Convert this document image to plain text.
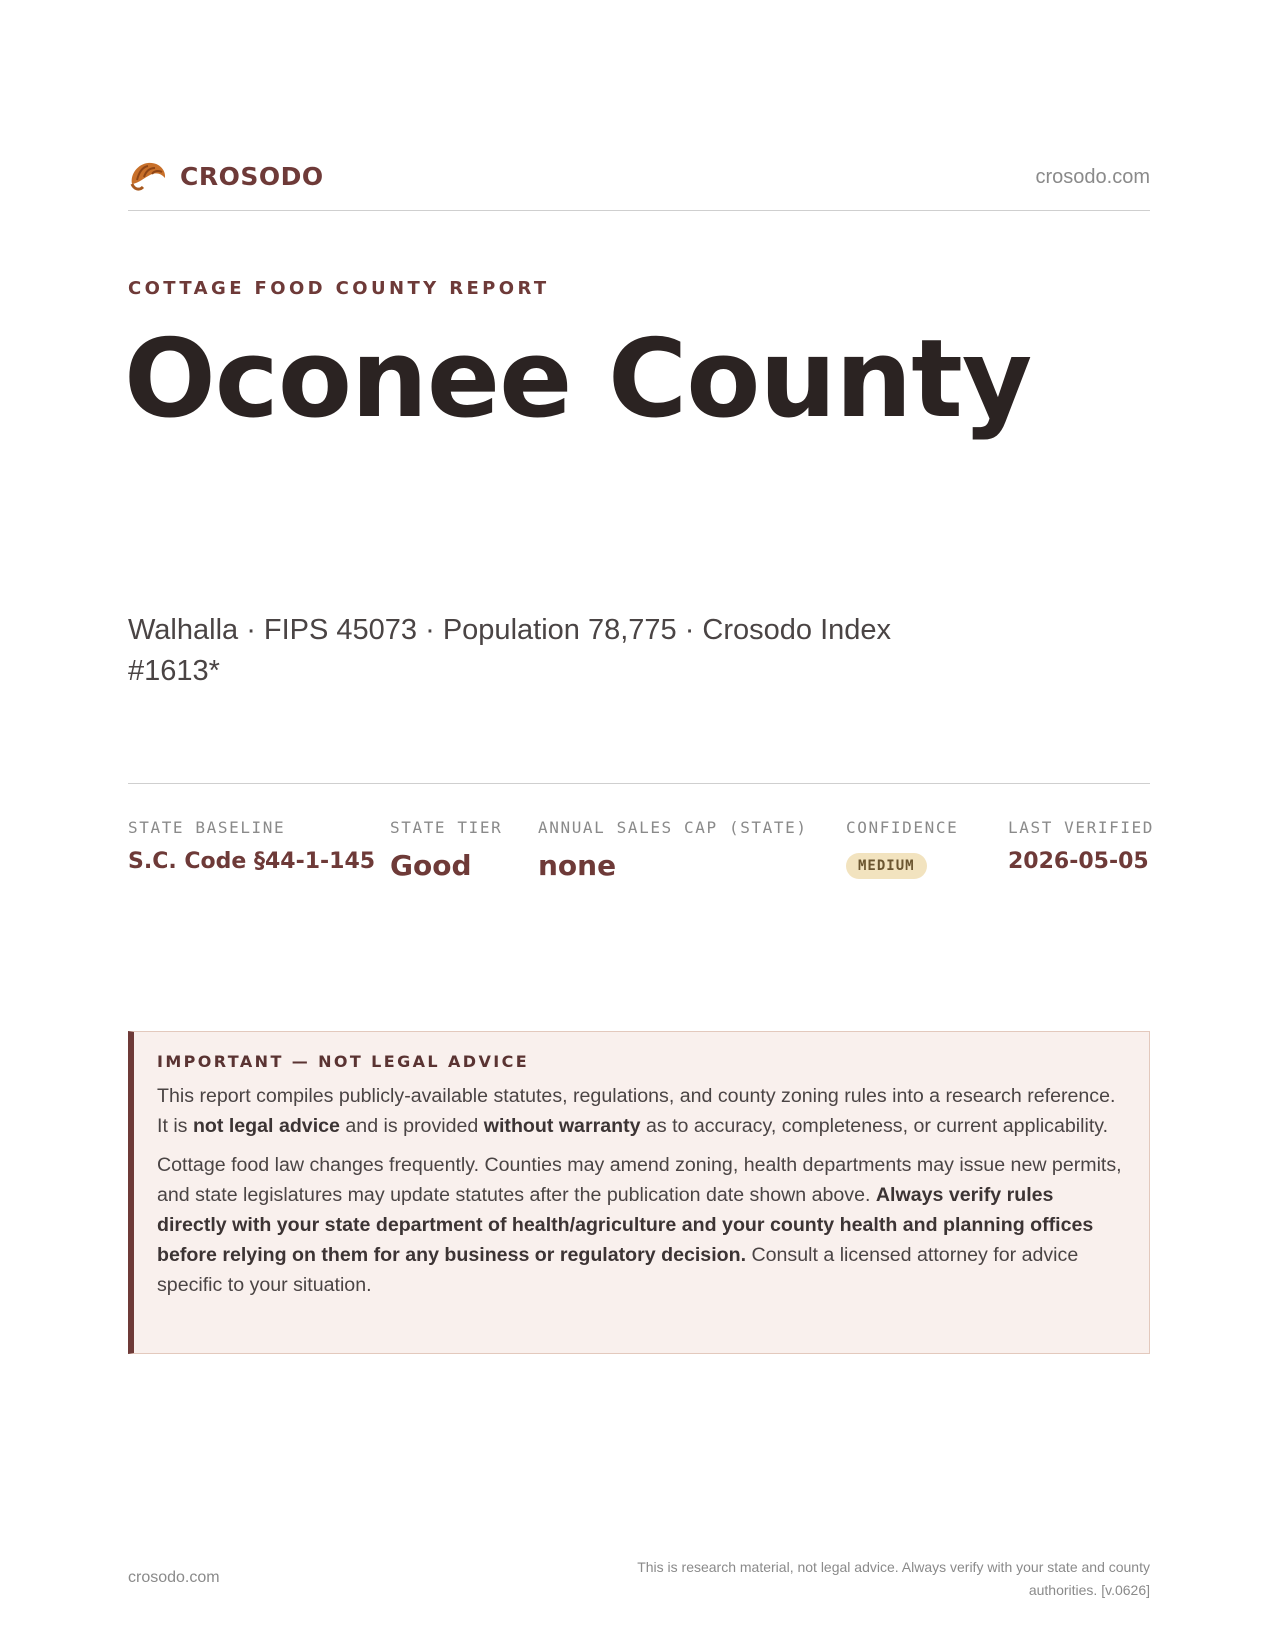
CROSODO	crosodo.com
COTTAGE FOOD COUNTY REPORT
Oconee County
Walhalla · FIPS 45073 · Population 78,775 · Crosodo Index #1613*
STATE BASELINE
S.C. Code §44-1-145
STATE TIER
Good
ANNUAL SALES CAP (STATE)
none
CONFIDENCE
MEDIUM
LAST VERIFIED
2026-05-05
IMPORTANT — NOT LEGAL ADVICE

This report compiles publicly-available statutes, regulations, and county zoning rules into a research reference. It is not legal advice and is provided without warranty as to accuracy, completeness, or current applicability.

Cottage food law changes frequently. Counties may amend zoning, health departments may issue new permits, and state legislatures may update statutes after the publication date shown above. Always verify rules directly with your state department of health/agriculture and your county health and planning offices before relying on them for any business or regulatory decision. Consult a licensed attorney for advice specific to your situation.

crosodo.com
This is research material, not legal advice. Always verify with your state and county authorities. [v.0626]
